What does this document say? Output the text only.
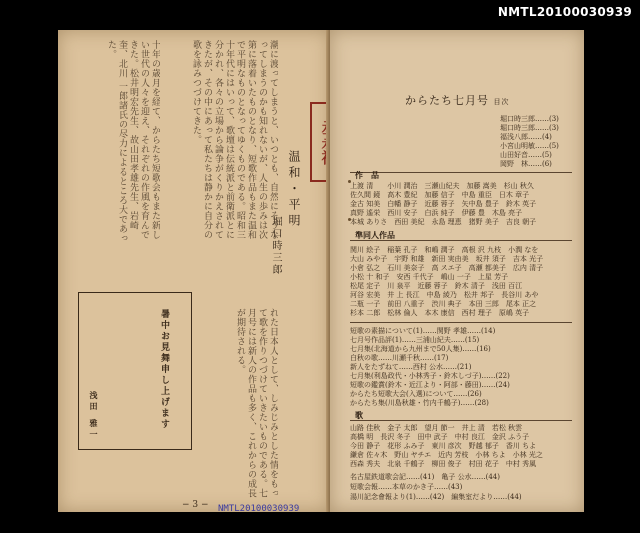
NMTL20100030939
潮に渡ってしまうと、いつとも、自然にそうなってしまうのかも知れないが、人生の歩みは次第に落着いたものとなり、短歌作品もまた温和で平明なものとなってゆくものである。昭和三十年代にはいって、歌壇は伝統派と前衛派とに分かれ、各々の立場から論争がくりかえされてきたが、その中にあって私たちは静かに自分の歌を詠みつづけてきた。
十年の歳月を経て、からたち短歌会もまた新しい世代の人々を迎え、それぞれの作風を育んできた。松井明宏先生、故山田孝雄先生、岩崎 奎、北川 一郎諸氏の尽力によるところ大であった。
れた日本人として、しみじみとした情をもって歌を作りつづけていきたいものである。七月号には新人の作品も多く、これからの成長が期待される。
温和・平明
堀口時三郎
暑中お見舞申し上げます
浅田 雅一
− 3 − NMTL20100030939
からたち七月号 目次
堀口時三郎……(3)
堀口時三郎……(3)
福浅八郎……(4)
小宮山明敏……(5)
山田好音……(5)
岡野　林……(6)
作　品
上渡 清　　小川 潤治　三瀬山紀夫　加藤 嵩美　杉山 秋久
佐久間 鏡　高木 豊紀　加藤 信子　中島 重臣　日木 章子
金古 知美　白幡 静子　近藤 蓉子　矢中島 豊子　鈴木 英子
真野 遙栄　西川 安子　白浜 純子　伊藤 豊　木島 亮子
本城 ありさ　西田 美紀　永島 理恵　猪野 美子　吉良 朝子
準同人作品
関川 絵子　稲葉 孔子　和嶋 潤子　高根 沢 九枝　小潤 なを
大山 みや子　宇野 和雄　新田 実由美　坂井 須子　吉本 光子
小倉 弘之　石川 美奈子　高 スエ子　高瀬 都美子　広内 清子
小松 十 和子　安西 千代子　嶋山 一子　上星 芳子
松尾 定子　川 泉平　近藤 蓉子　鈴木 清子　浅田 百江
河谷 宏美　井 上 長江　中島 綾乃　松井 邦子　長谷川 あや
二瓶 一子　前田 八重子　渋川 典子　本田 三郎　尾本 正之
杉本 二郎　松林 倫人　本木 康信　西村 理子　原嶋 英子
短歌の素描について(1)……関野 孝雄……(14)
七月号作品評(1)……三浦山紀夫……(15)
七月集(北海道から九州まで50人集)……(16)
白秋の歌……川瀬千秋……(17)
新人をたずねて……西村 公水……(21)
七月集(利島政代・小林秀子・鈴木しづ子)……(22)
短歌の鑑賞(鈴木・近江より・阿部・藤田)……(24)
からたち短歌大会(入選)について……(26)
からたち集(川島秋雄・竹内千鶴子)……(28)
歌
山路 佳秋　金子 太郎　望月 節一　井上 清　若松 秋雲
高橋 明　長沢 冬子　田中 武子　中村 良江　金沢 ふう子
今田 静子　花形 ふみ子　東川 彦次　野越 郁子　香川 ちよ
鎌倉 佐々木　野山 ヤチエ　近内 芳枝　小林 ちよ　小林 光之
西森 秀夫　北泉 千鶴子　柳田 俊子　村田 花子　中村 秀風
名古屋鉄道歌会記……(41)　亀子 公水……(44)
短歌会報……本草のかき子……(43)
湯川記念會報より(1)……(42)　編集室だより……(44)
